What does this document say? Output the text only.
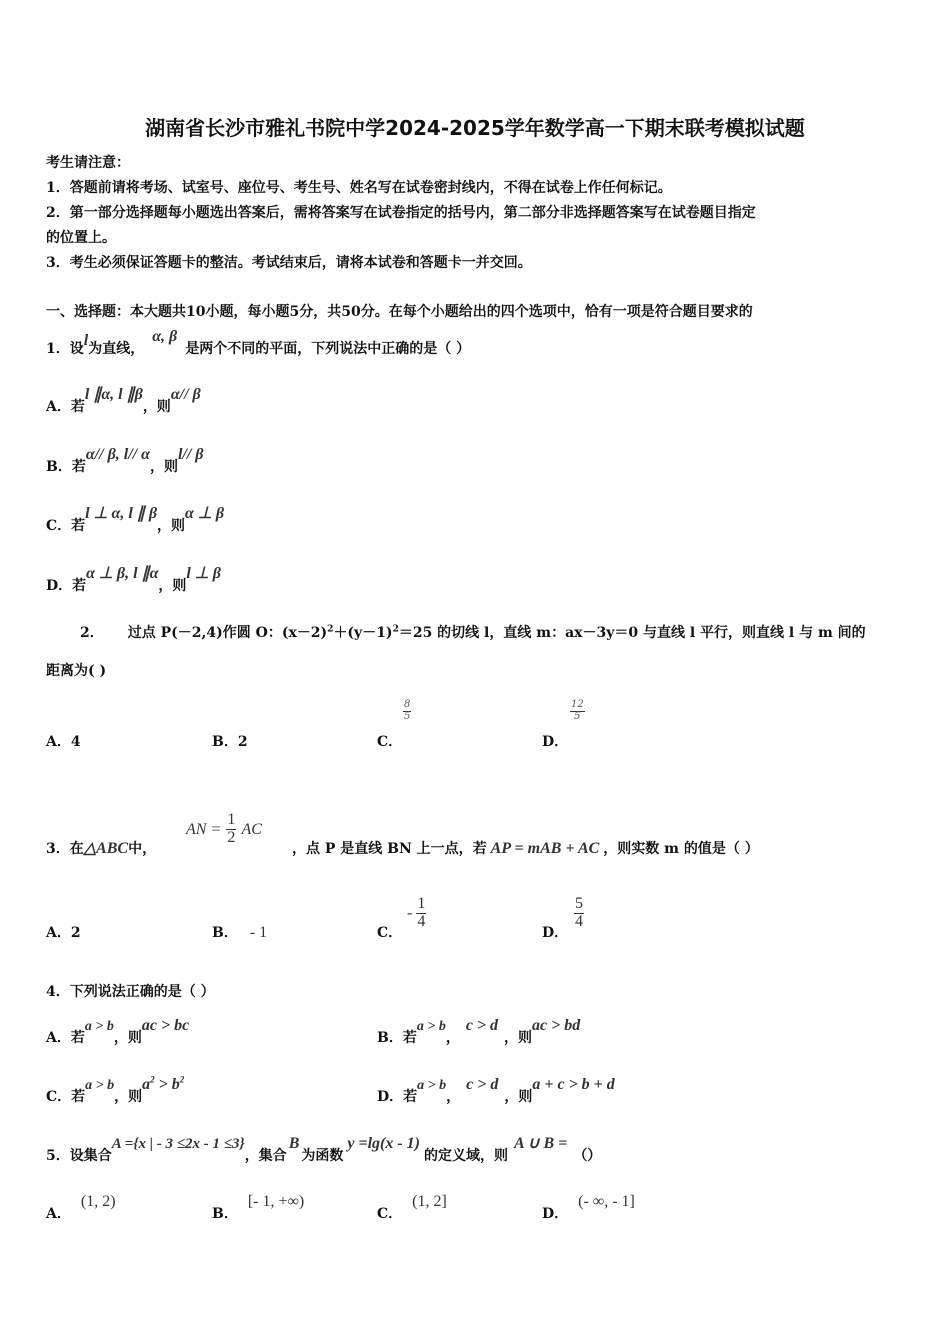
湖南省长沙市雅礼书院中学2024-2025学年数学高一下期末联考模拟试题
考生请注意：
1．答题前请将考场、试室号、座位号、考生号、姓名写在试卷密封线内，不得在试卷上作任何标记。
2．第一部分选择题每小题选出答案后，需将答案写在试卷指定的括号内，第二部分非选择题答案写在试卷题目指定
的位置上。
3．考生必须保证答题卡的整洁。考试结束后，请将本试卷和答题卡一并交回。
一、选择题：本大题共10小题，每小题5分，共50分。在每个小题给出的四个选项中，恰有一项是符合题目要求的
1．设l为直线，α, β是两个不同的平面，下列说法中正确的是（ ）
A．若l ∥α, l ∥β，则α// β
B．若α// β, l// α，则l// β
C．若l ⊥ α, l ∥ β，则α ⊥ β
D．若α ⊥ β, l ∥α，则l ⊥ β
2． 过点 P(－2,4)作圆 O：$(x-2)^2+(y-1)^2=25$ 的切线 l，直线 m：ax－3y＝0 与直线 l 平行，则直线 l 与 m 间的
距离为( )
A．4	B．2	C．
$\frac{8}{5}$
D．
$\frac{12}{5}$
3．在△ABC中，
AN = $\frac{1}{2}$ AC
，点 P 是直线 BN 上一点，若 AP = mAB + AC ，则实数 m 的值是（ ）
A．2	B． - 1	C．
- $\frac{1}{4}$
D．
$\frac{5}{4}$
4．下列说法正确的是（ ）
A．若a > b，则ac > bc
B．若a > b，c > d，则ac > bd
C．若a > b，则$a^2 > b^2$
D．若a > b，c > d，则a + c > b + d
5．设集合A ={x | - 3 ≤2x - 1 ≤3}，集合B为函数y =lg(x - 1)的定义域，则A ∪ B =（）
A．(1, 2)
B．[- 1, +∞)
C．(1, 2]
D．(- ∞, - 1]
